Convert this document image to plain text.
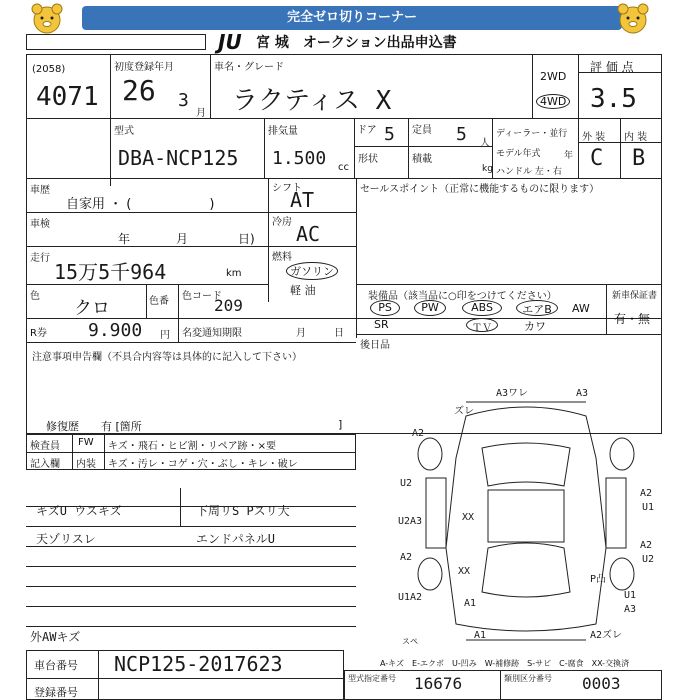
完全ゼロ切りコーナー
JU 宮 城　オークション出品申込書
(2058)
4071
初度登録年月
26 3
月
車名・グレード
ラクティス X
2WD
4WD
評 価 点
3.5
型式
DBA-NCP125
排気量
1.500 cc
ドア 5 定員 5 人
ディーラー・並行
モデル年式	年
形状	積載
kg ハンドル 左・右
外 装 内 装
C B
車歴
自家用 ・ (　　　　　　)
車検
年	月	日)
走行
15万5千964	km
色
クロ	色番 色コード
209
R券 9.900 円 名変通知期限	月	日
シフト
AT
冷房 AC
燃料
ガソリン
軽 油
セールスポイント（正常に機能するものに限ります）
装備品（該当品に○印をつけてください）	新車保証書
有・無
PS	PW	ABS	エアB	AW
SR	ＴＶ	カワ
後日品
注意事項申告欄（不具合内容等は具体的に記入して下さい）
修復歴　　有 [箇所	]
検査員
記入欄
FW キズ・飛石・ヒビ割・リペア跡・×要
内装 キズ・汚レ・コゲ・穴・ぶし・キレ・破レ
キズU ウスキズ
天ゾリスレ
下周リS Pスリ大
エンドパネルU
外AWキズ
A3ワレ	A3
ズレ
A2
U2
U2A3	XX
A2
XX
U1A2
A1
A1	A2ズレ
A2
U1
A2
U2
P凸
U1
A3
スペ
A-キズ　E-エクボ　U-凹み　W-補修跡　S-サビ　C-腐食　XX-交換済
車台番号 NCP125-2017623
登録番号
型式指定番号 16676	類別区分番号 0003
